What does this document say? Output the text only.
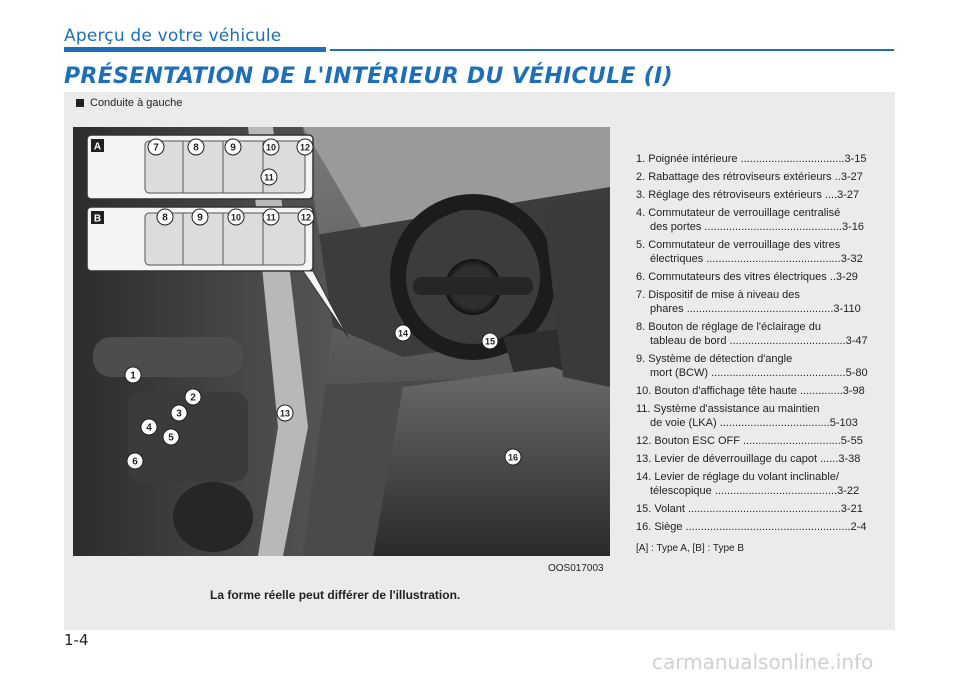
Aperçu de votre véhicule
PRÉSENTATION DE L'INTÉRIEUR DU VÉHICULE (I)
Conduite à gauche
A
B
7	8	9	10	12
11
8	9	10	11	12
1
2
3
4
5
6
13
14
15
16
OOS017003
La forme réelle peut différer de l'illustration.
1. Poignée intérieure ..................................3-15
2. Rabattage des rétroviseurs extérieurs ..3-27
3. Réglage des rétroviseurs extérieurs ....3-27
4. Commutateur de verrouillage centralisé
des portes .............................................3-16
5. Commutateur de verrouillage des vitres
électriques ............................................3-32
6. Commutateurs des vitres électriques ..3-29
7. Dispositif de mise à niveau des
phares ................................................3-110
8. Bouton de réglage de l'éclairage du
tableau de bord ......................................3-47
9. Système de détection d'angle
mort (BCW) ............................................5-80
10. Bouton d'affichage tête haute ..............3-98
11. Système d'assistance au maintien
de voie (LKA) ....................................5-103
12. Bouton ESC OFF ................................5-55
13. Levier de déverrouillage du capot ......3-38
14. Levier de réglage du volant inclinable/
télescopique ........................................3-22
15. Volant ..................................................3-21
16. Siège ......................................................2-4
[A] : Type A, [B] : Type B
1-4
carmanualsonline.info
